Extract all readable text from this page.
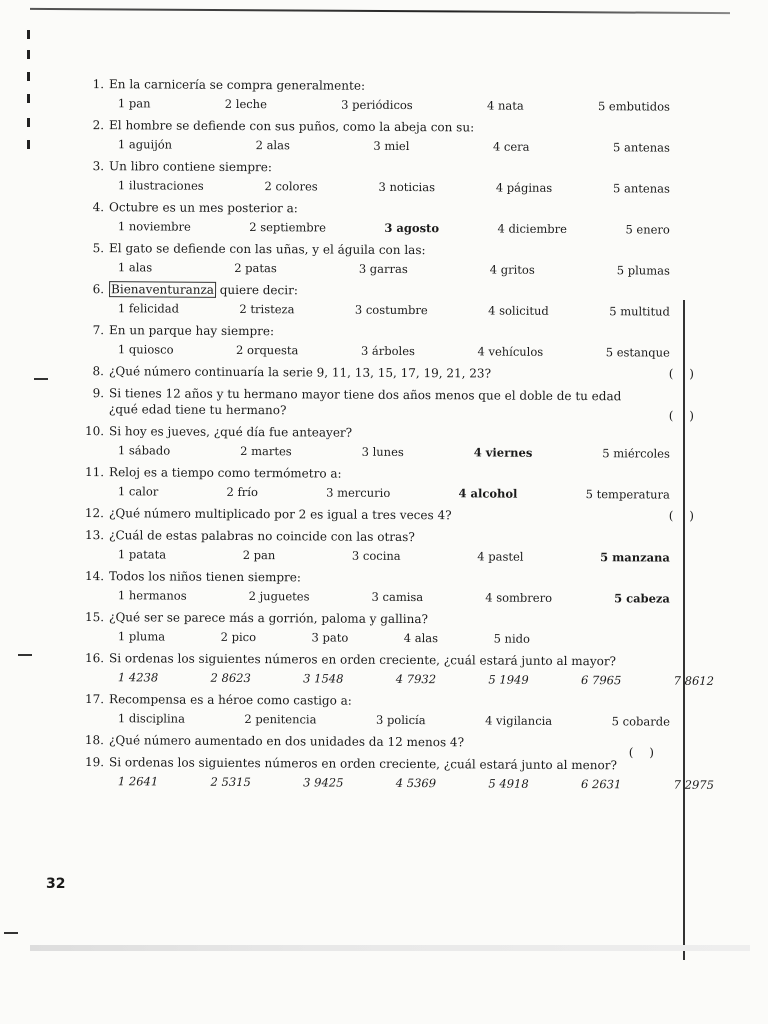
1. En la carnicería se compra generalmente:
1 pan	2 leche	3 periódicos	4 nata	5 embutidos
2. El hombre se defiende con sus puños, como la abeja con su:
1 aguijón	2 alas	3 miel	4 cera	5 antenas
3. Un libro contiene siempre:
1 ilustraciones	2 colores	3 noticias	4 páginas	5 antenas
4. Octubre es un mes posterior a:
1 noviembre	2 septiembre	3 agosto	4 diciembre	5 enero
5. El gato se defiende con las uñas, y el águila con las:
1 alas	2 patas	3 garras	4 gritos	5 plumas
6. Bienaventuranza quiere decir:
1 felicidad	2 tristeza	3 costumbre	4 solicitud	5 multitud
7. En un parque hay siempre:
1 quiosco	2 orquesta	3 árboles	4 vehículos	5 estanque
8. ¿Qué número continuaría la serie 9, 11, 13, 15, 17, 19, 21, 23?	( )
9. Si tienes 12 años y tu hermano mayor tiene dos años menos que el doble de tu edad ¿qué edad tiene tu hermano?	( )
10. Si hoy es jueves, ¿qué día fue anteayer?
1 sábado	2 martes	3 lunes	4 viernes	5 miércoles
11. Reloj es a tiempo como termómetro a:
1 calor	2 frío	3 mercurio	4 alcohol	5 temperatura
12. ¿Qué número multiplicado por 2 es igual a tres veces 4?	( )
13. ¿Cuál de estas palabras no coincide con las otras?
1 patata	2 pan	3 cocina	4 pastel	5 manzana
14. Todos los niños tienen siempre:
1 hermanos	2 juguetes	3 camisa	4 sombrero	5 cabeza
15. ¿Qué ser se parece más a gorrión, paloma y gallina?
1 pluma	2 pico	3 pato	4 alas	5 nido
16. Si ordenas los siguientes números en orden creciente, ¿cuál estará junto al mayor?
1 4238	2 8623	3 1548	4 7932	5 1949	6 7965	7 8612
17. Recompensa es a héroe como castigo a:
1 disciplina	2 penitencia	3 policía	4 vigilancia	5 cobarde
18. ¿Qué número aumentado en dos unidades da 12 menos 4?
( )
19. Si ordenas los siguientes números en orden creciente, ¿cuál estará junto al menor?
1 2641	2 5315	3 9425	4 5369	5 4918	6 2631	7 2975
32
